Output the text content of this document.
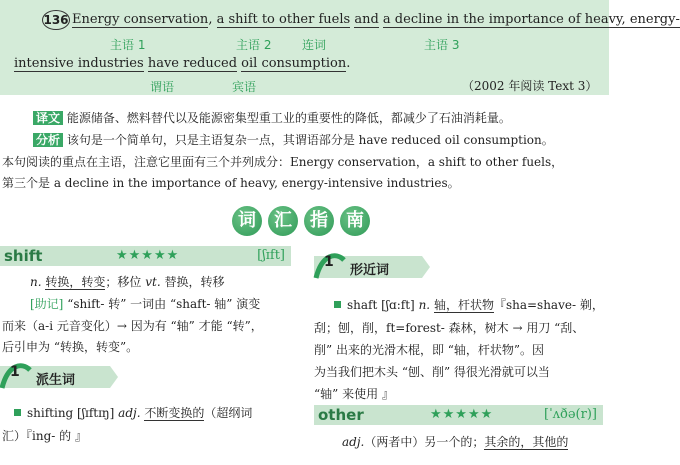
136 Energy conservation, a shift to other fuels and a decline in the importance of heavy, energy-
主语 1	主语 2	连词	主语 3
intensive industries have reduced oil consumption.
谓语	宾语	（2002 年阅读 Text 3）
译文 能源储备、燃料替代以及能源密集型重工业的重要性的降低，都减少了石油消耗量。
分析 该句是一个简单句，只是主语复杂一点，其谓语部分是 have reduced oil consumption。
本句阅读的重点在主语，注意它里面有三个并列成分：Energy conservation，a shift to other fuels，
第三个是 a decline in the importance of heavy, energy-intensive industries。
词	汇	指	南
shift	★★★★★	[ʃɪft]
n. 转换，转变；移位 vt. 替换，转移
[助记] “shift- 转” 一词由 “shaft- 轴” 演变
而来（a-i 元音变化）→ 因为有 “轴” 才能 “转”，
后引申为 “转换，转变”。
1
派生词
shifting [ʃɪftɪŋ] adj. 不断变换的（超纲词
汇）『ing- 的 』
1
形近词
shaft [ʃɑ:ft] n. 轴，杆状物『sha=shave- 剃，
刮；刨，削，ft=forest- 森林，树木 → 用刀 “刮、
削” 出来的光滑木棍，即 “轴，杆状物”。因
为当我们把木头 “刨、削” 得很光滑就可以当
“轴” 来使用 』
other	★★★★★	[ˈʌðə(r)]
adj.（两者中）另一个的；其余的，其他的
